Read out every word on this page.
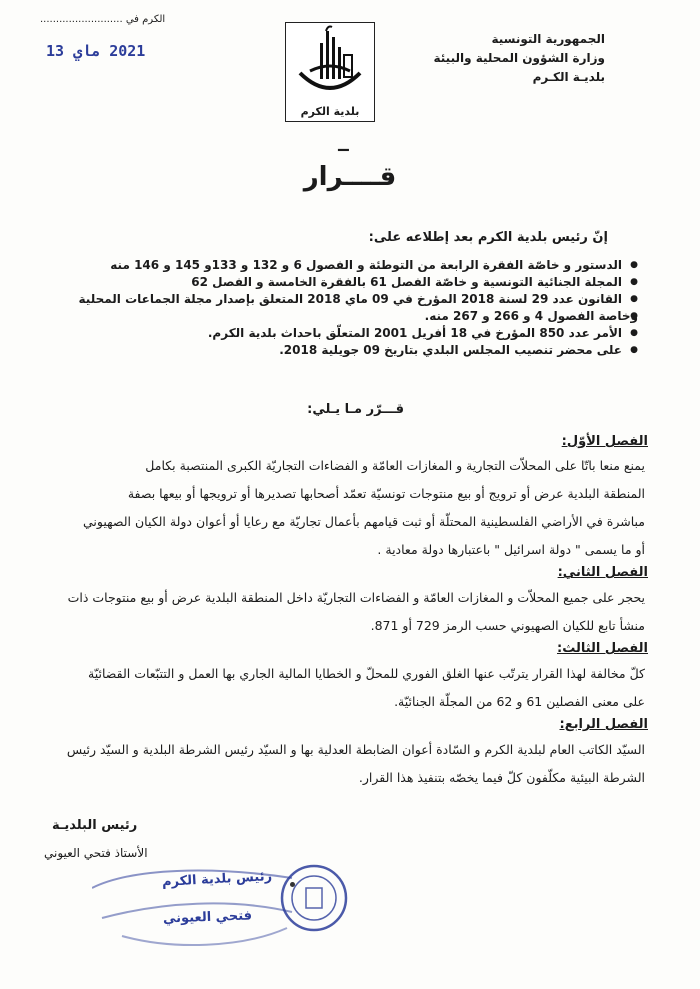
الجمهورية التونسية
وزارة الشؤون المحلية والبيئة
بلديـة الكـرم
بلدية الكرم
الكرم في ..........................
2021 ماي 13
▔
قــــرار
إنّ رئيس بلدية الكرم بعد إطلاعه على:
● الدستور و خاصّة الفقرة الرابعة من التوطئة و الفصول 6 و 132 و 133و 145 و 146 منه
● المجلة الجنائية التونسية و خاصّة الفصل 61 بالفقرة الخامسة و الفصل 62
● القانون عدد 29 لسنة 2018 المؤرخ في 09 ماي 2018 المتعلق بإصدار مجلة الجماعات المحلية
● وخاصة الفصول 4 و 266 و 267 منه.
● الأمر عدد 850 المؤرخ في 18 أفريل 2001 المتعلّق باحداث بلدية الكرم.
● على محضر تنصيب المجلس البلدي بتاريخ 09 جويلية 2018.
قـــرّر مـا يـلي:
الفصل الأوّل:
يمنع منعا باتّا على المحلاّت التجارية و المغازات العامّة و الفضاءات التجاريّة الكبرى المنتصبة بكامل
المنطقة البلدية عرض أو ترويج أو بيع منتوجات تونسيّة تعمّد أصحابها تصديرها أو ترويجها أو بيعها بصفة
مباشرة في الأراضي الفلسطينية المحتلّة أو ثبت قيامهم بأعمال تجاريّة مع رعايا أو أعوان دولة الكيان الصهيوني
أو ما يسمى " دولة اسرائيل " باعتبارها دولة معادية .
الفصل الثاني:
يحجر على جميع المحلاّت و المغازات العامّة و الفضاءات التجاريّة داخل المنطقة البلدية عرض أو بيع منتوجات ذات
منشأ تابع للكيان الصهيوني حسب الرمز 729 أو 871.
الفصل الثالث:
كلّ مخالفة لهذا القرار يترتّب عنها الغلق الفوري للمحلّ و الخطايا المالية الجاري بها العمل و التتبّعات القضائيّة
على معنى الفصلين 61 و 62 من المجلّة الجنائيّة.
الفصل الرابع:
السيّد الكاتب العام لبلدية الكرم و السّادة أعوان الضابطة العدلية بها و السيّد رئيس الشرطة البلدية و السيّد رئيس
الشرطة البيئية مكلّفون كلّ فيما يخصّه بتنفيذ هذا القرار.
رئيس البلديـة
الأستاذ فتحي العيوني
رئيس بلدية الكرم
فتحي العيوني
